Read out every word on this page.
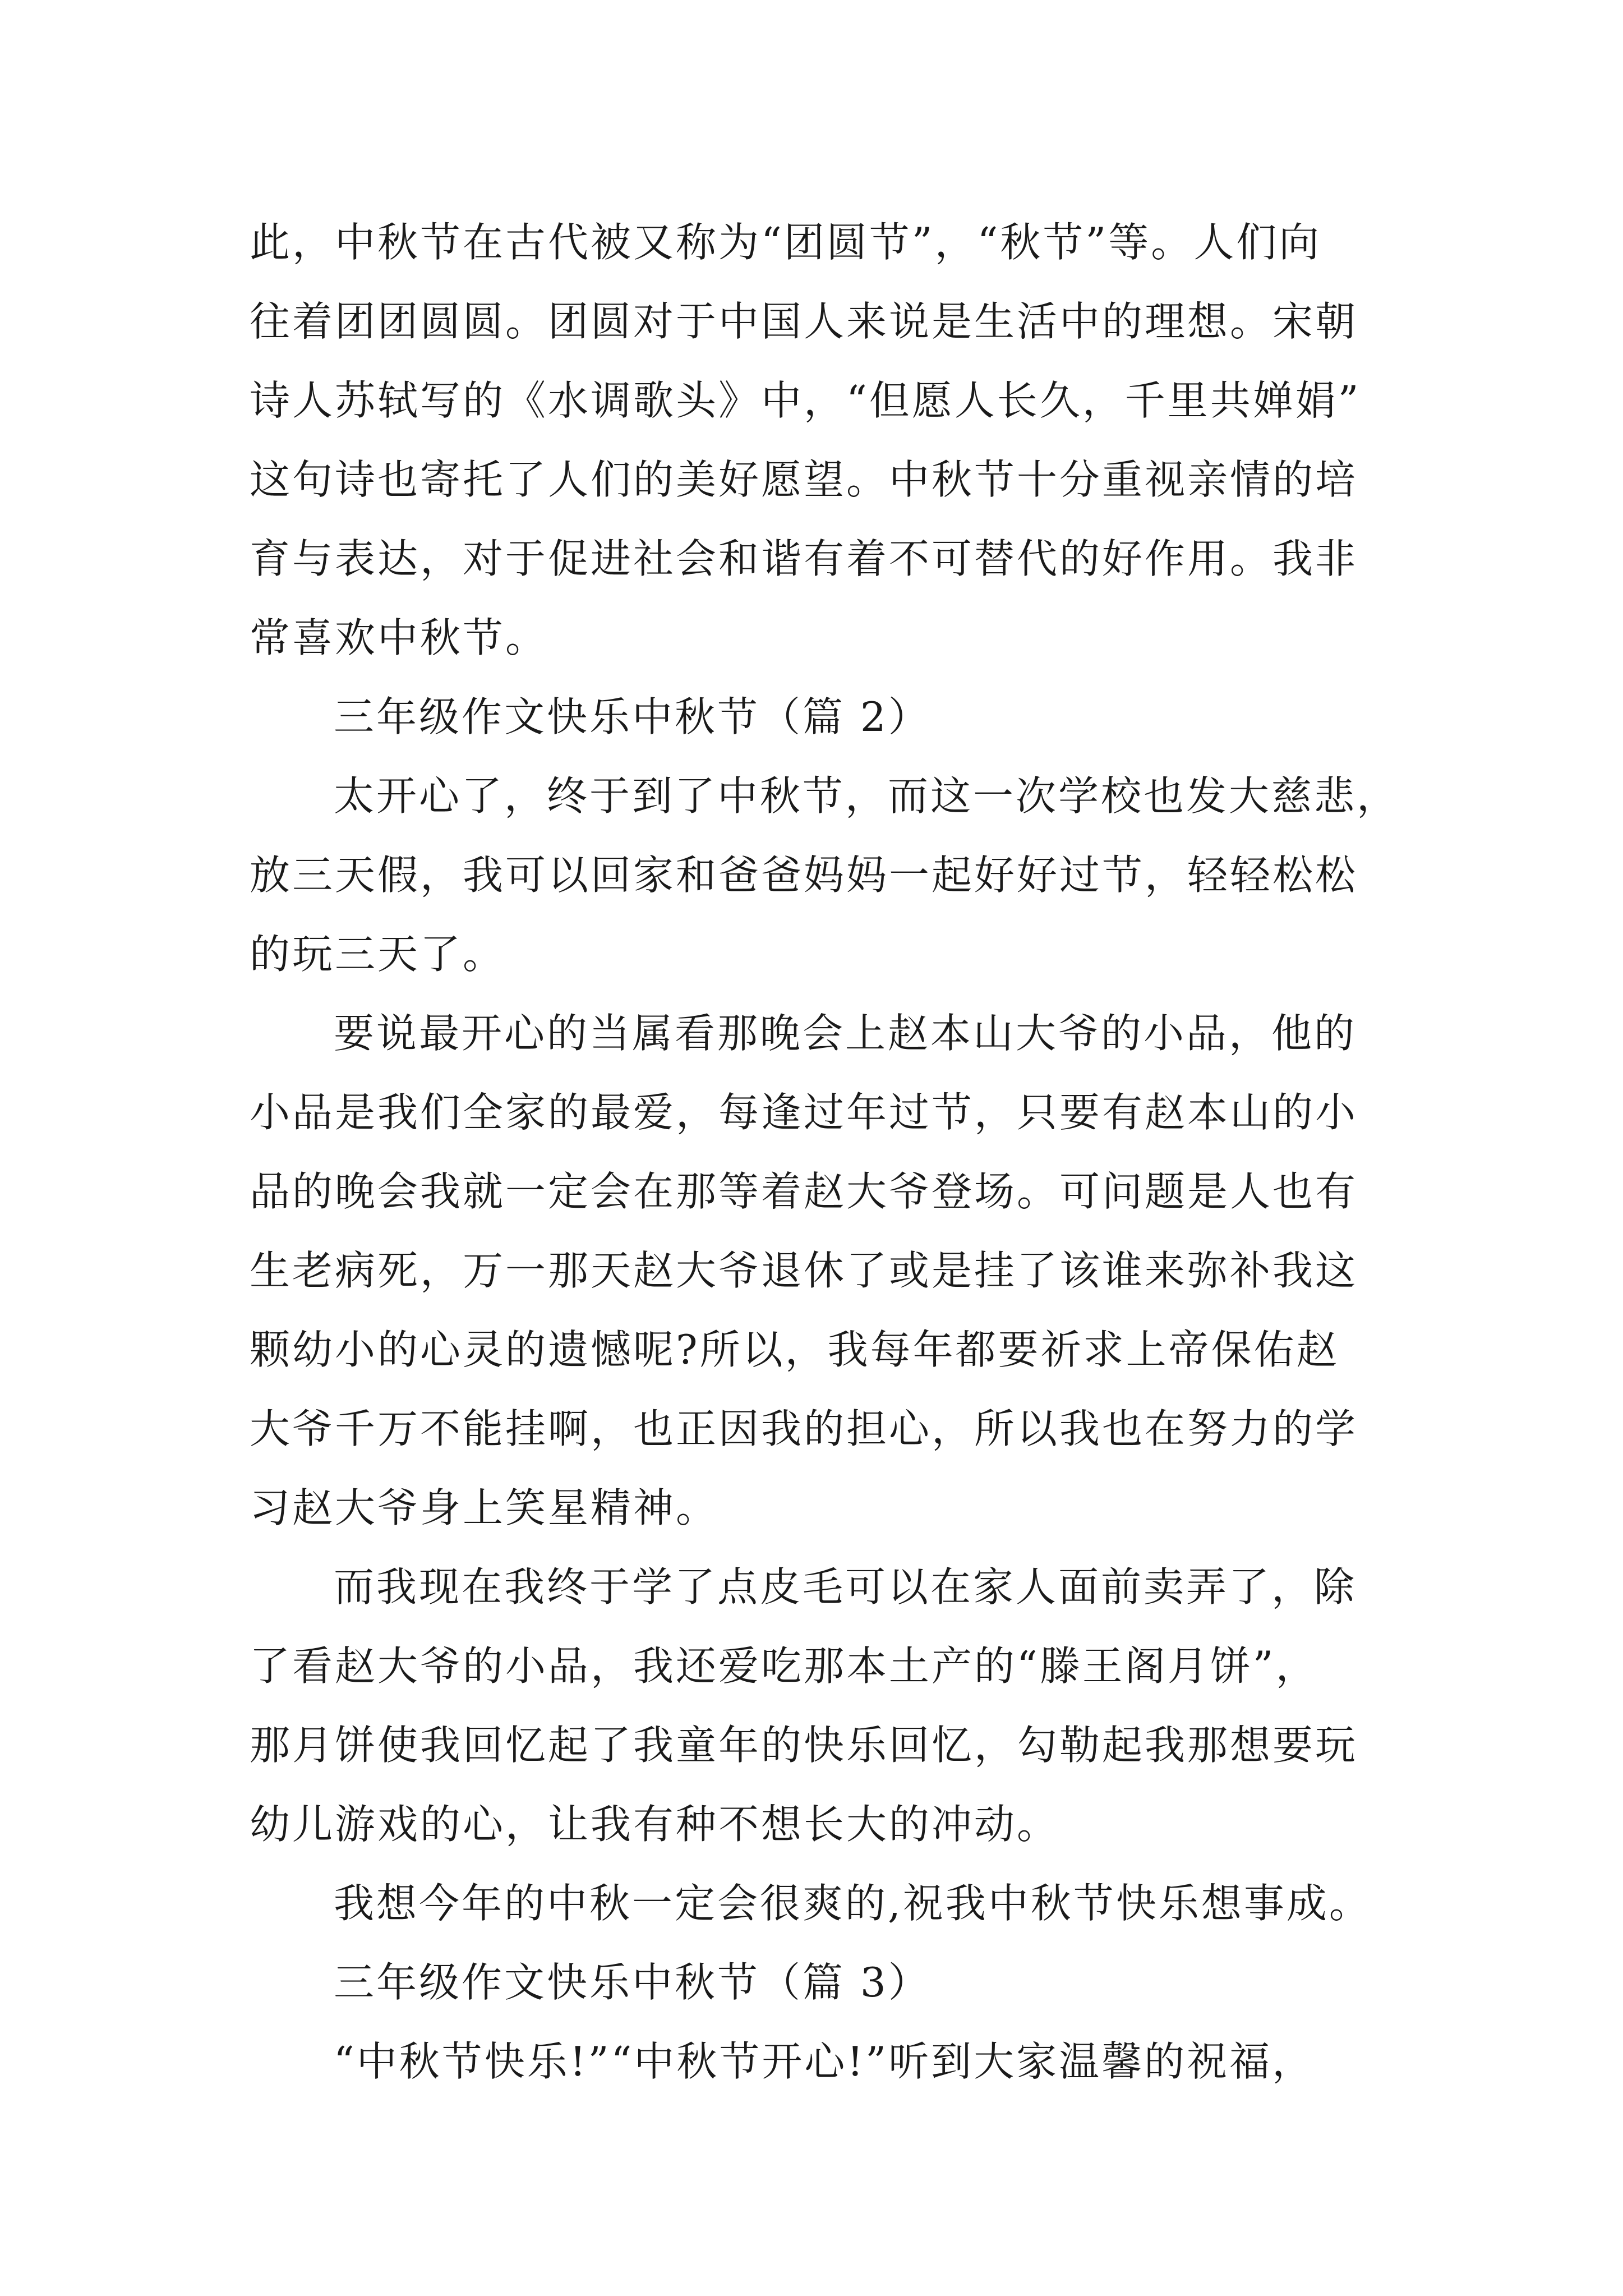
此，中秋节在古代被又称为“团圆节”，“秋节”等。人们向
往着团团圆圆。团圆对于中国人来说是生活中的理想。宋朝
诗人苏轼写的《水调歌头》中，“但愿人长久，千里共婵娟”
这句诗也寄托了人们的美好愿望。中秋节十分重视亲情的培
育与表达，对于促进社会和谐有着不可替代的好作用。我非
常喜欢中秋节。
三年级作文快乐中秋节（篇 2）
太开心了，终于到了中秋节，而这一次学校也发大慈悲，
放三天假，我可以回家和爸爸妈妈一起好好过节，轻轻松松
的玩三天了。
要说最开心的当属看那晚会上赵本山大爷的小品，他的
小品是我们全家的最爱，每逢过年过节，只要有赵本山的小
品的晚会我就一定会在那等着赵大爷登场。可问题是人也有
生老病死，万一那天赵大爷退休了或是挂了该谁来弥补我这
颗幼小的心灵的遗憾呢?所以，我每年都要祈求上帝保佑赵
大爷千万不能挂啊，也正因我的担心，所以我也在努力的学
习赵大爷身上笑星精神。
而我现在我终于学了点皮毛可以在家人面前卖弄了，除
了看赵大爷的小品，我还爱吃那本土产的“滕王阁月饼”，
那月饼使我回忆起了我童年的快乐回忆，勾勒起我那想要玩
幼儿游戏的心，让我有种不想长大的冲动。
我想今年的中秋一定会很爽的,祝我中秋节快乐想事成。
三年级作文快乐中秋节（篇 3）
“中秋节快乐!”“中秋节开心!”听到大家温馨的祝福，
